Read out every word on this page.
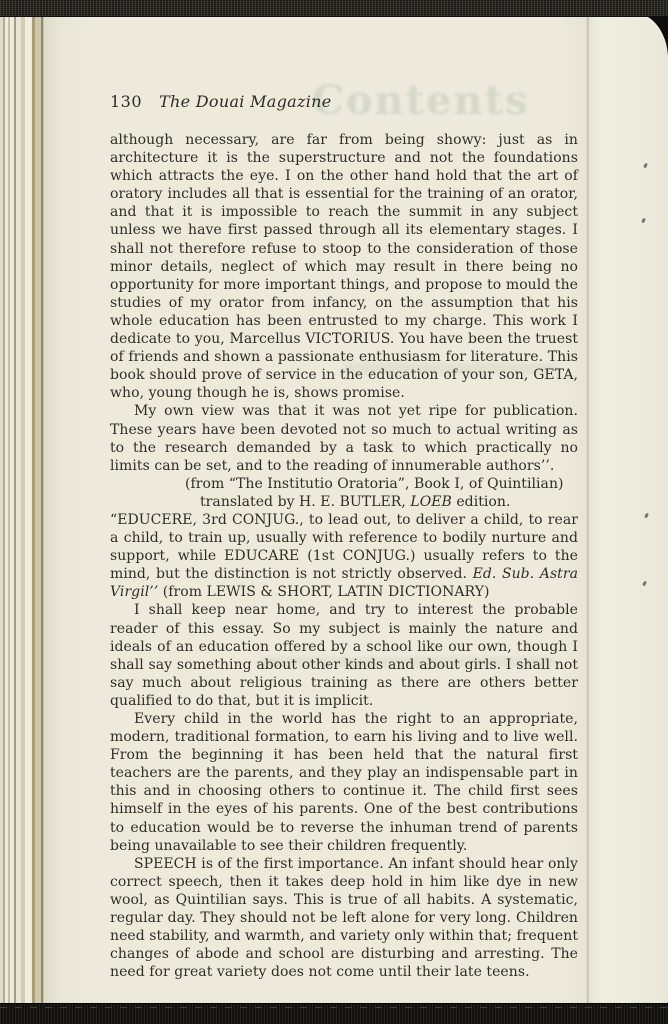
Contents
130 The Douai Magazine

although necessary, are far from being showy: just as in architecture it is the superstructure and not the foundations which attracts the eye. I on the other hand hold that the art of oratory includes all that is essential for the training of an orator, and that it is impossible to reach the summit in any subject unless we have first passed through all its elementary stages. I shall not therefore refuse to stoop to the consideration of those minor details, neglect of which may result in there being no opportunity for more important things, and propose to mould the studies of my orator from infancy, on the assumption that his whole education has been entrusted to my charge. This work I dedicate to you, Marcellus VICTORIUS. You have been the truest of friends and shown a passionate enthusiasm for literature. This book should prove of service in the education of your son, GETA, who, young though he is, shows promise.

My own view was that it was not yet ripe for publication. These years have been devoted not so much to actual writing as to the research demanded by a task to which practically no limits can be set, and to the reading of innumerable authors’’.

(from “The Institutio Oratoria”, Book I, of Quintilian)

translated by H. E. BUTLER, LOEB edition.

“EDUCERE, 3rd CONJUG., to lead out, to deliver a child, to rear a child, to train up, usually with reference to bodily nurture and support, while EDUCARE (1st CONJUG.) usually refers to the mind, but the distinction is not strictly observed. Ed. Sub. Astra Virgil’’ (from LEWIS & SHORT, LATIN DICTIONARY)

I shall keep near home, and try to interest the probable reader of this essay. So my subject is mainly the nature and ideals of an education offered by a school like our own, though I shall say something about other kinds and about girls. I shall not say much about religious training as there are others better qualified to do that, but it is implicit.

Every child in the world has the right to an appropriate, modern, traditional formation, to earn his living and to live well. From the beginning it has been held that the natural first teachers are the parents, and they play an indispensable part in this and in choosing others to continue it. The child first sees himself in the eyes of his parents. One of the best contributions to education would be to reverse the inhuman trend of parents being unavailable to see their children frequently.

SPEECH is of the first importance. An infant should hear only correct speech, then it takes deep hold in him like dye in new wool, as Quintilian says. This is true of all habits. A systematic, regular day. They should not be left alone for very long. Children need stability, and warmth, and variety only within that; frequent changes of abode and school are disturbing and arresting. The need for great variety does not come until their late teens.
